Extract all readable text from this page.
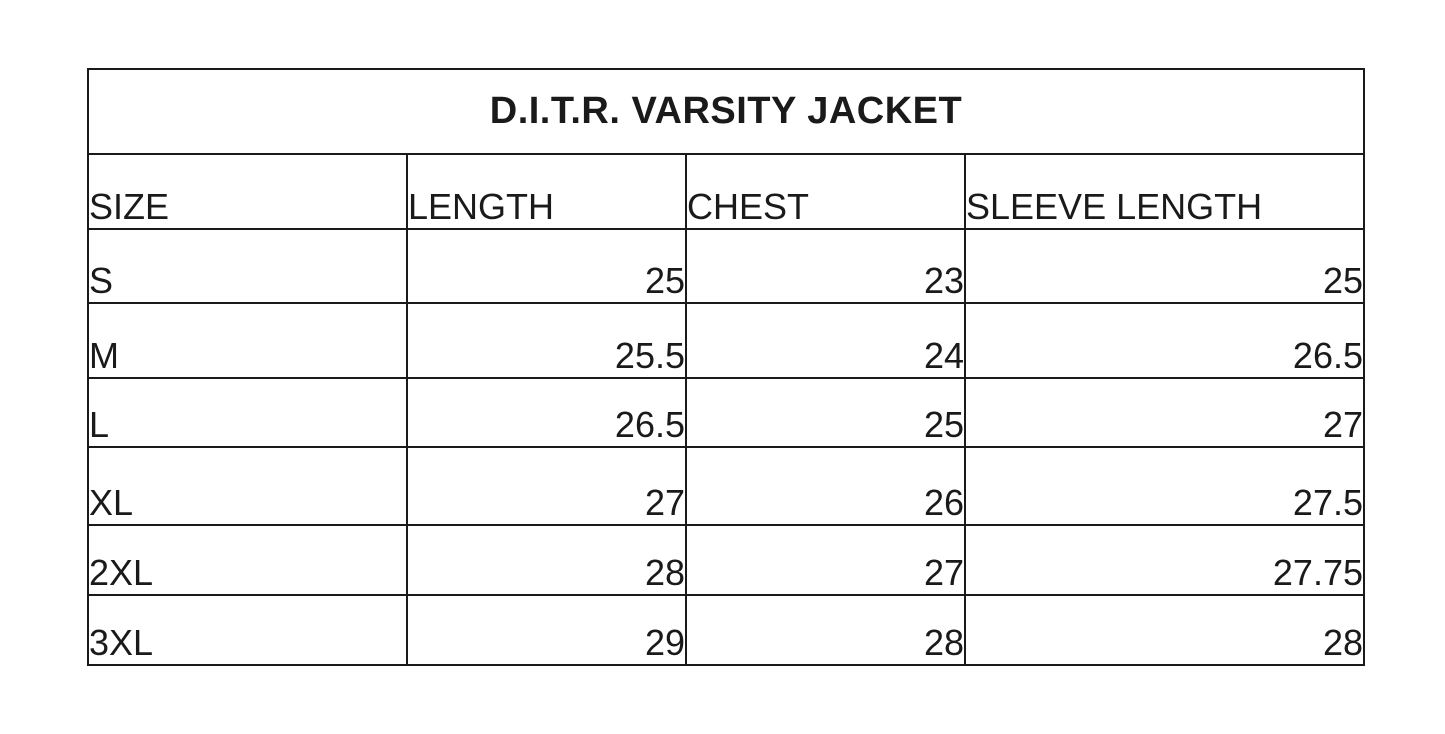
D.I.T.R. VARSITY JACKET			
SIZE	LENGTH	CHEST	SLEEVE LENGTH
S	25	23	25
M	25.5	24	26.5
L	26.5	25	27
XL	27	26	27.5
2XL	28	27	27.75
3XL	29	28	28
